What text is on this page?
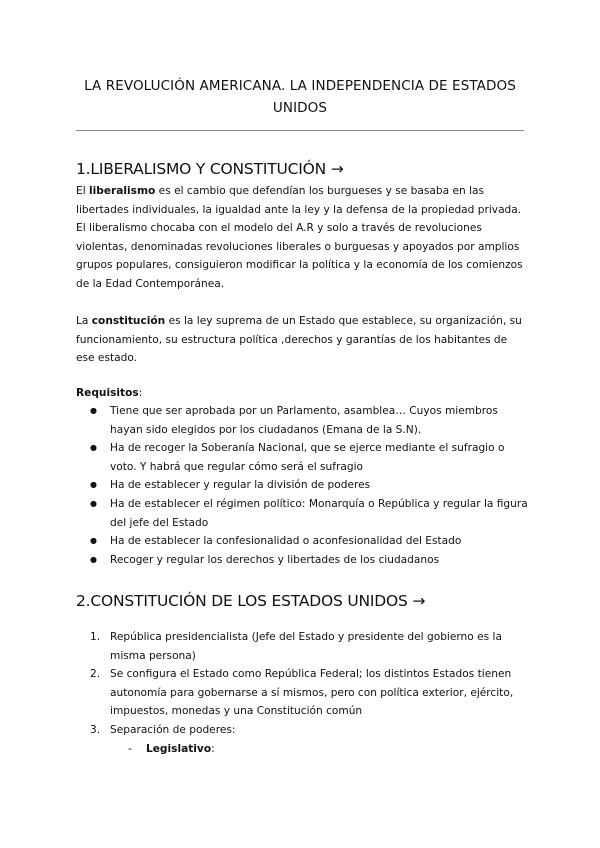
LA REVOLUCIÓN AMERICANA. LA INDEPENDENCIA DE ESTADOS
UNIDOS
1.LIBERALISMO Y CONSTITUCIÓN →
El liberalismo es el cambio que defendían los burgueses y se basaba en las libertades individuales, la igualdad ante la ley y la defensa de la propiedad privada. El liberalismo chocaba con el modelo del A.R y solo a través de revoluciones violentas, denominadas revoluciones liberales o burguesas y apoyados por amplios grupos populares, consiguieron modificar la política y la economía de los comienzos de la Edad Contemporánea.
La constitución es la ley suprema de un Estado que establece, su organización, su funcionamiento, su estructura política ,derechos y garantías de los habitantes de ese estado.
Requisitos:
● Tiene que ser aprobada por un Parlamento, asamblea… Cuyos miembros hayan sido elegidos por los ciudadanos (Emana de la S.N).
● Ha de recoger la Soberanía Nacional, que se ejerce mediante el sufragio o voto. Y habrá que regular cómo será el sufragio
● Ha de establecer y regular la división de poderes
● Ha de establecer el régimen político: Monarquía o República y regular la figura del jefe del Estado
● Ha de establecer la confesionalidad o aconfesionalidad del Estado
● Recoger y regular los derechos y libertades de los ciudadanos
2.CONSTITUCIÓN DE LOS ESTADOS UNIDOS →
1. República presidencialista (Jefe del Estado y presidente del gobierno es la misma persona)
2. Se configura el Estado como República Federal; los distintos Estados tienen autonomía para gobernarse a sí mismos, pero con política exterior, ejército, impuestos, monedas y una Constitución común
3. Separación de poderes:
- Legislativo:
